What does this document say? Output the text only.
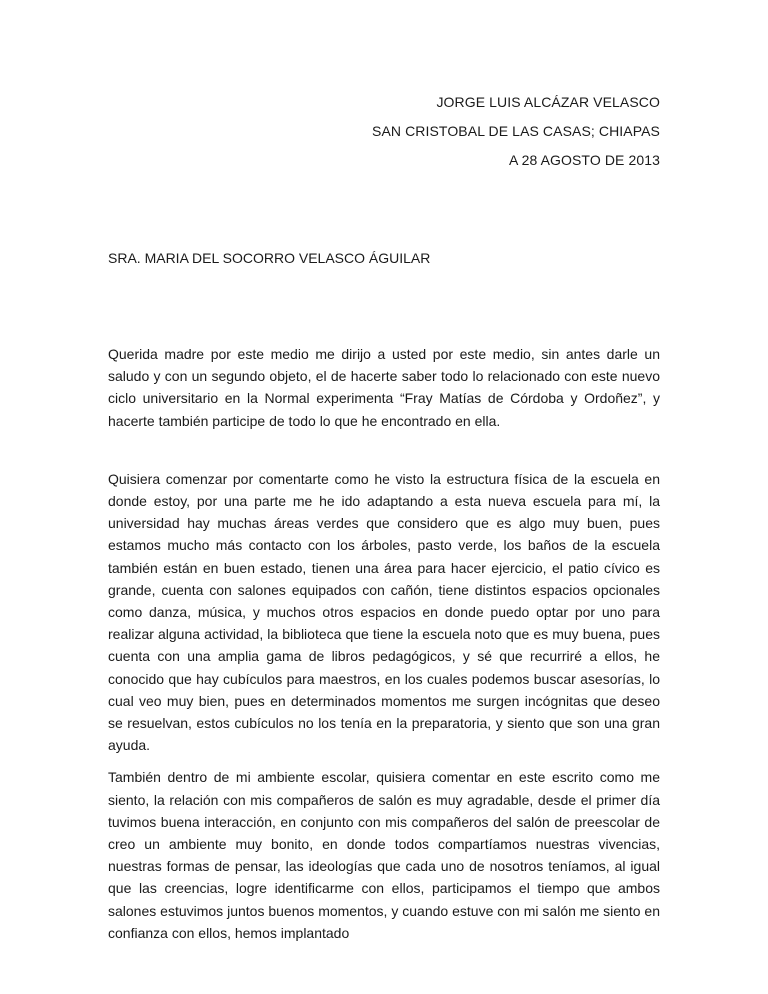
JORGE LUIS ALCÁZAR VELASCO
SAN CRISTOBAL DE LAS CASAS; CHIAPAS
A 28 AGOSTO DE 2013
SRA. MARIA DEL SOCORRO VELASCO ÁGUILAR

Querida madre por este medio me dirijo a usted por este medio, sin antes darle un saludo y con un segundo objeto, el de hacerte saber todo lo relacionado con este nuevo ciclo universitario en la Normal experimenta “Fray Matías de Córdoba y Ordoñez”, y hacerte también participe de todo lo que he encontrado en ella.

Quisiera comenzar por comentarte como he visto la estructura física de la escuela en donde estoy, por una parte me he ido adaptando a esta nueva escuela para mí, la universidad hay muchas áreas verdes que considero que es algo muy buen, pues estamos mucho más contacto con los árboles, pasto verde, los baños de la escuela también están en buen estado, tienen una área para hacer ejercicio, el patio cívico es grande, cuenta con salones equipados con cañón, tiene distintos espacios opcionales como danza, música, y muchos otros espacios en donde puedo optar por uno para realizar alguna actividad, la biblioteca que tiene la escuela noto que es muy buena, pues cuenta con una amplia gama de libros pedagógicos, y sé que recurriré a ellos, he conocido que hay cubículos para maestros, en los cuales podemos buscar asesorías, lo cual veo muy bien, pues en determinados momentos me surgen incógnitas que deseo se resuelvan, estos cubículos no los tenía en la preparatoria, y siento que son una gran ayuda.

También dentro de mi ambiente escolar, quisiera comentar en este escrito como me siento, la relación con mis compañeros de salón es muy agradable, desde el primer día tuvimos buena interacción, en conjunto con mis compañeros del salón de preescolar de creo un ambiente muy bonito, en donde todos compartíamos nuestras vivencias, nuestras formas de pensar, las ideologías que cada uno de nosotros teníamos, al igual que las creencias, logre identificarme con ellos, participamos el tiempo que ambos salones estuvimos juntos buenos momentos, y cuando estuve con mi salón me siento en confianza con ellos, hemos implantado
